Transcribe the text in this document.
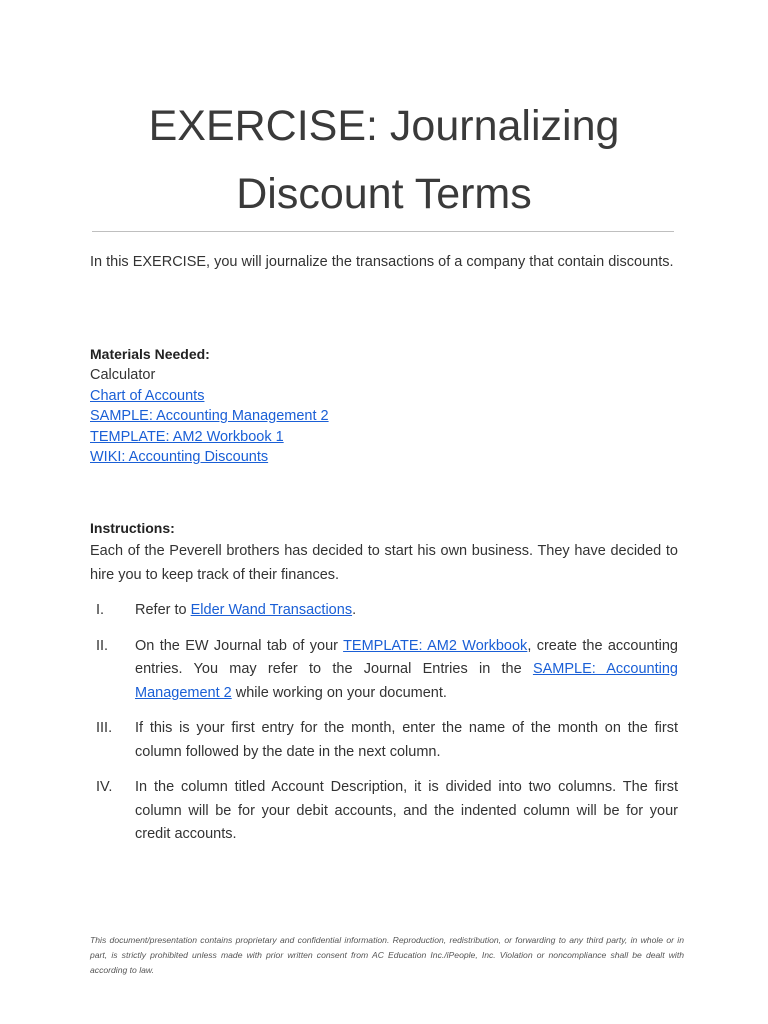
EXERCISE: Journalizing
Discount Terms

In this EXERCISE, you will journalize the transactions of a company that contain discounts.

Materials Needed:
Calculator
Chart of Accounts
SAMPLE: Accounting Management 2
TEMPLATE: AM2 Workbook 1
WIKI: Accounting Discounts
Instructions:

Each of the Peverell brothers has decided to start his own business. They have decided to hire you to keep track of their finances.

I.	Refer to Elder Wand Transactions.
II.	On the EW Journal tab of your TEMPLATE: AM2 Workbook, create the accounting entries. You may refer to the Journal Entries in the SAMPLE: Accounting Management 2 while working on your document.
III.	If this is your first entry for the month, enter the name of the month on the first column followed by the date in the next column.
IV.	In the column titled Account Description, it is divided into two columns. The first column will be for your debit accounts, and the indented column will be for your credit accounts.

This document/presentation contains proprietary and confidential information. Reproduction, redistribution, or forwarding to any third party, in whole or in part, is strictly prohibited unless made with prior written consent from AC Education Inc./iPeople, Inc. Violation or noncompliance shall be dealt with according to law.
